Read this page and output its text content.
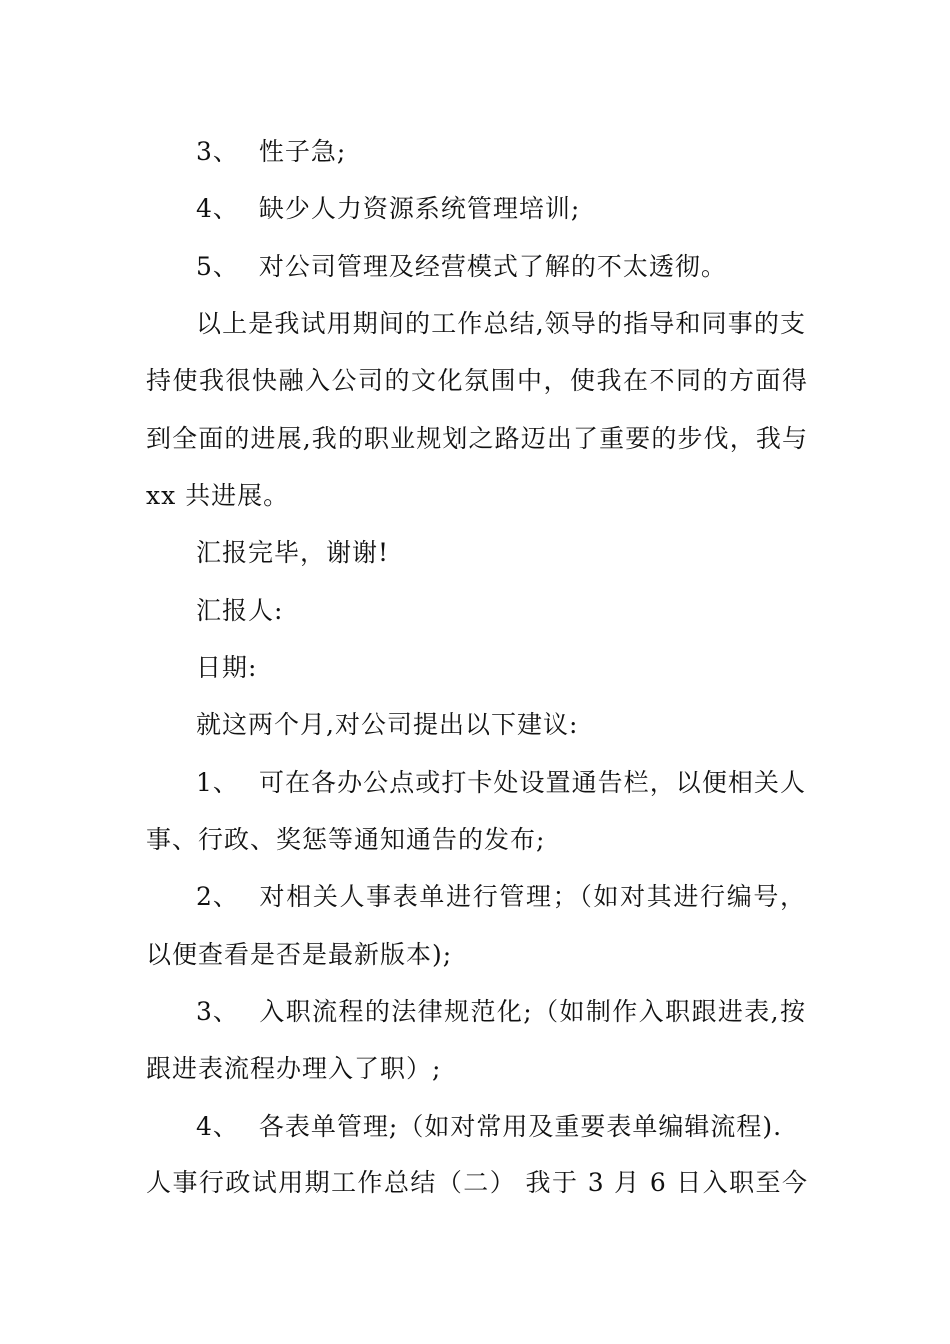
3、 性子急;
4、 缺少人力资源系统管理培训;
5、 对公司管理及经营模式了解的不太透彻。
以上是我试用期间的工作总结,领导的指导和同事的支
持使我很快融入公司的文化氛围中，使我在不同的方面得
到全面的进展,我的职业规划之路迈出了重要的步伐，我与
xx 共进展。
汇报完毕，谢谢!
汇报人:
日期:
就这两个月,对公司提出以下建议:
1、 可在各办公点或打卡处设置通告栏，以便相关人
事、行政、奖惩等通知通告的发布;
2、 对相关人事表单进行管理；（如对其进行编号，
以便查看是否是最新版本);
3、 入职流程的法律规范化;（如制作入职跟进表,按
跟进表流程办理入了职）;
4、 各表单管理;（如对常用及重要表单编辑流程).
人事行政试用期工作总结（二） 我于 3 月 6 日入职至今
